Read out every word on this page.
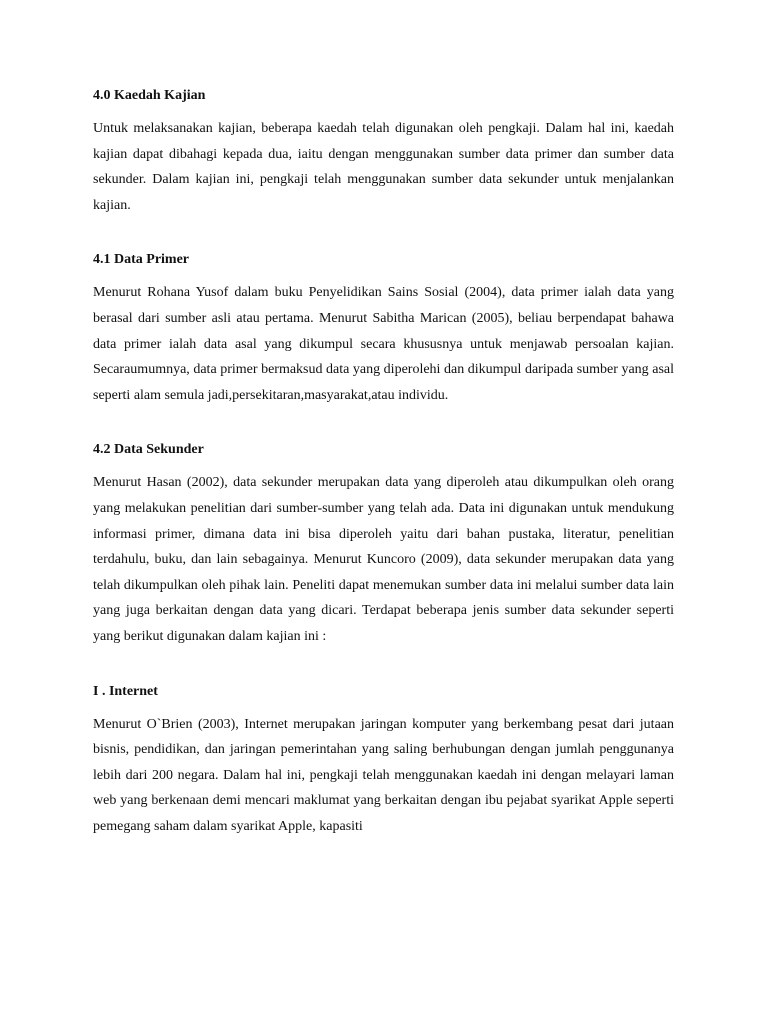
4.0 Kaedah Kajian

Untuk melaksanakan kajian, beberapa kaedah telah digunakan oleh pengkaji. Dalam hal ini, kaedah kajian dapat dibahagi kepada dua, iaitu dengan menggunakan sumber data primer dan sumber data sekunder. Dalam kajian ini, pengkaji telah menggunakan sumber data sekunder untuk menjalankan kajian.

4.1 Data Primer

Menurut Rohana Yusof dalam buku Penyelidikan Sains Sosial (2004), data primer ialah data yang berasal dari sumber asli atau pertama. Menurut Sabitha Marican (2005), beliau berpendapat bahawa data primer ialah data asal yang dikumpul secara khususnya untuk menjawab persoalan kajian. Secaraumumnya, data primer bermaksud data yang diperolehi dan dikumpul daripada sumber yang asal seperti alam semula jadi,persekitaran,masyarakat,atau individu.

4.2 Data Sekunder

Menurut Hasan (2002), data sekunder merupakan data yang diperoleh atau dikumpulkan oleh orang yang melakukan penelitian dari sumber-sumber yang telah ada. Data ini digunakan untuk mendukung informasi primer, dimana data ini bisa diperoleh yaitu dari bahan pustaka, literatur, penelitian terdahulu, buku, dan lain sebagainya. Menurut Kuncoro (2009), data sekunder merupakan data yang telah dikumpulkan oleh pihak lain. Peneliti dapat menemukan sumber data ini melalui sumber data lain yang juga berkaitan dengan data yang dicari. Terdapat beberapa jenis sumber data sekunder seperti yang berikut digunakan dalam kajian ini :

I . Internet

Menurut O`Brien (2003), Internet merupakan jaringan komputer yang berkembang pesat dari jutaan bisnis, pendidikan, dan jaringan pemerintahan yang saling berhubungan dengan jumlah penggunanya lebih dari 200 negara. Dalam hal ini, pengkaji telah menggunakan kaedah ini dengan melayari laman web yang berkenaan demi mencari maklumat yang berkaitan dengan ibu pejabat syarikat Apple seperti pemegang saham dalam syarikat Apple, kapasiti
